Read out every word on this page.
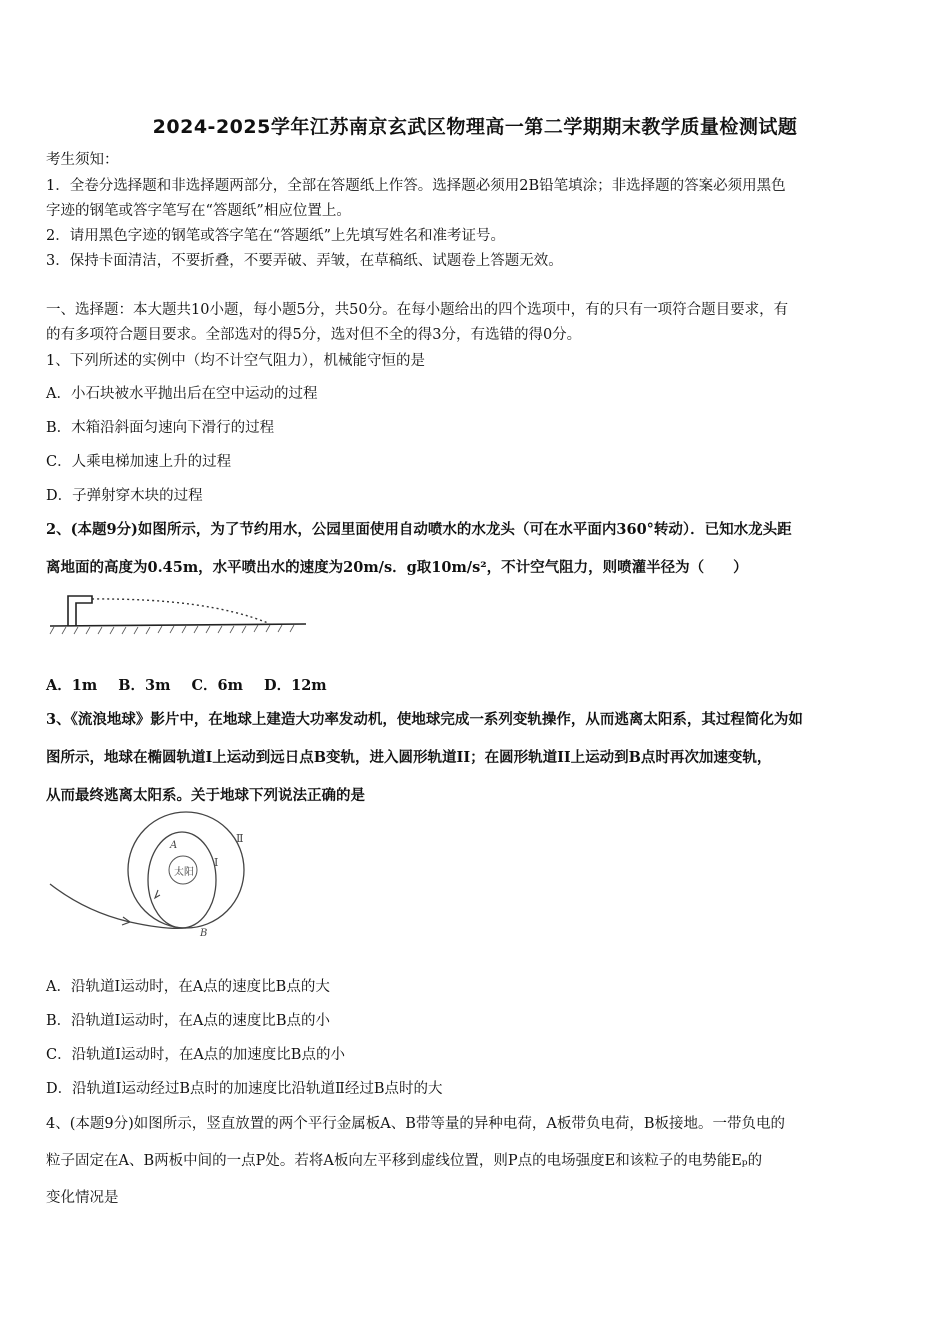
2024-2025学年江苏南京玄武区物理高一第二学期期末教学质量检测试题
考生须知：
1．全卷分选择题和非选择题两部分，全部在答题纸上作答。选择题必须用2B铅笔填涂；非选择题的答案必须用黑色
字迹的钢笔或答字笔写在“答题纸”相应位置上。
2．请用黑色字迹的钢笔或答字笔在“答题纸”上先填写姓名和准考证号。
3．保持卡面清洁，不要折叠，不要弄破、弄皱，在草稿纸、试题卷上答题无效。
一、选择题：本大题共10小题，每小题5分，共50分。在每小题给出的四个选项中，有的只有一项符合题目要求，有
的有多项符合题目要求。全部选对的得5分，选对但不全的得3分，有选错的得0分。
1、下列所述的实例中（均不计空气阻力），机械能守恒的是
A．小石块被水平抛出后在空中运动的过程
B．木箱沿斜面匀速向下滑行的过程
C．人乘电梯加速上升的过程
D．子弹射穿木块的过程
2、(本题9分)如图所示，为了节约用水，公园里面使用自动喷水的水龙头（可在水平面内360°转动）．已知水龙头距
离地面的高度为0.45m，水平喷出水的速度为20m/s．g取10m/s²，不计空气阻力，则喷灌半径为（　　）
A．1m B．3m C．6m D．12m
3、《流浪地球》影片中，在地球上建造大功率发动机，使地球完成一系列变轨操作，从而逃离太阳系，其过程简化为如
图所示，地球在椭圆轨道Ⅰ上运动到远日点B变轨，进入圆形轨道II；在圆形轨道II上运动到B点时再次加速变轨，
从而最终逃离太阳系。关于地球下列说法正确的是
太阳
A
B
Ⅰ
Ⅱ
A．沿轨道Ⅰ运动时，在A点的速度比B点的大
B．沿轨道Ⅰ运动时，在A点的速度比B点的小
C．沿轨道Ⅰ运动时，在A点的加速度比B点的小
D．沿轨道Ⅰ运动经过B点时的加速度比沿轨道Ⅱ经过B点时的大
4、(本题9分)如图所示，竖直放置的两个平行金属板A、B带等量的异种电荷，A板带负电荷，B板接地。一带负电的
粒子固定在A、B两板中间的一点P处。若将A板向左平移到虚线位置，则P点的电场强度E和该粒子的电势能Eₚ的
变化情况是
